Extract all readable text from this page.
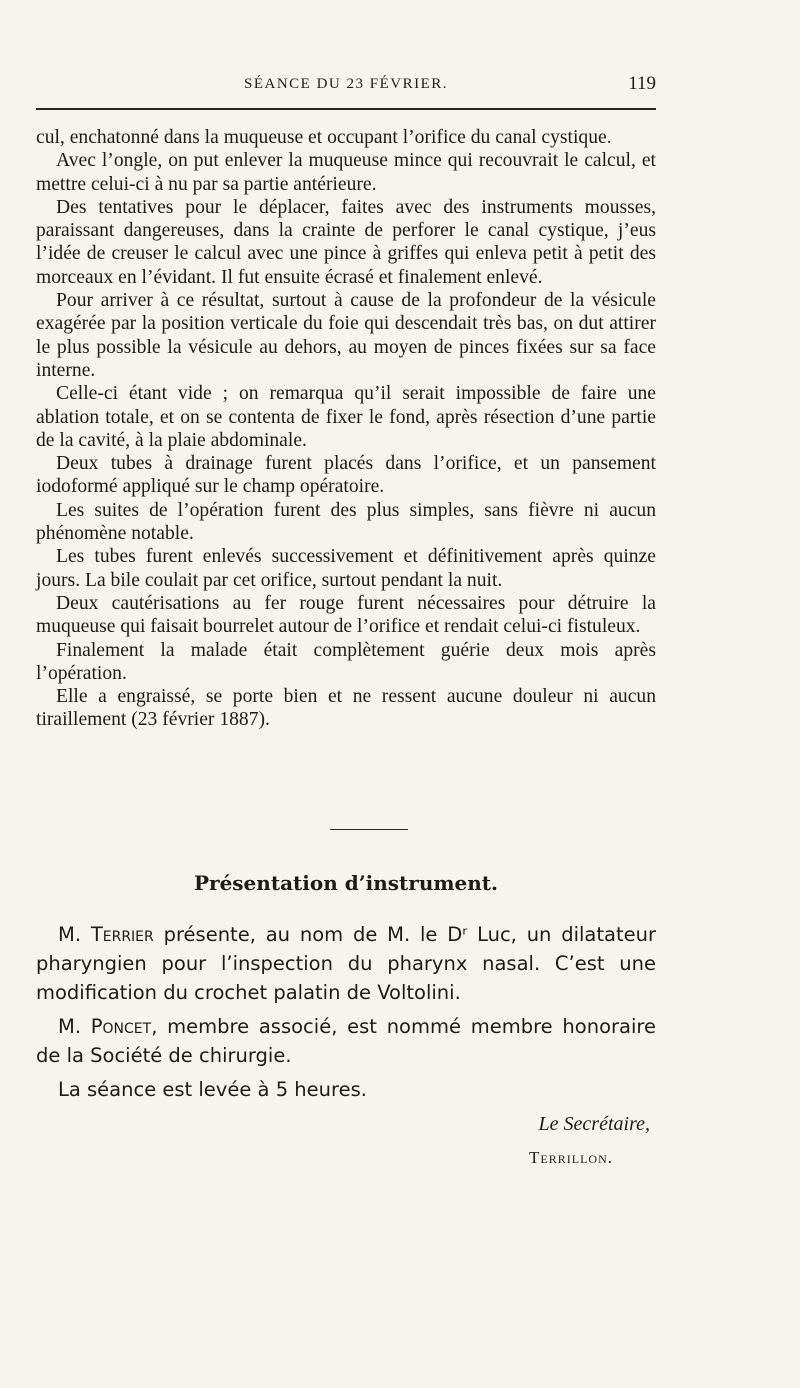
SÉANCE DU 23 FÉVRIER.	119

cul, enchatonné dans la muqueuse et occupant l’orifice du canal cystique.

Avec l’ongle, on put enlever la muqueuse mince qui recouvrait le calcul, et mettre celui-ci à nu par sa partie antérieure.

Des tentatives pour le déplacer, faites avec des instruments mousses, paraissant dangereuses, dans la crainte de perforer le canal cystique, j’eus l’idée de creuser le calcul avec une pince à griffes qui enleva petit à petit des morceaux en l’évidant. Il fut ensuite écrasé et finalement enlevé.

Pour arriver à ce résultat, surtout à cause de la profondeur de la vésicule exagérée par la position verticale du foie qui descendait très bas, on dut attirer le plus possible la vésicule au dehors, au moyen de pinces fixées sur sa face interne.

Celle-ci étant vide ; on remarqua qu’il serait impossible de faire une ablation totale, et on se contenta de fixer le fond, après résection d’une partie de la cavité, à la plaie abdominale.

Deux tubes à drainage furent placés dans l’orifice, et un pansement iodoformé appliqué sur le champ opératoire.

Les suites de l’opération furent des plus simples, sans fièvre ni aucun phénomène notable.

Les tubes furent enlevés successivement et définitivement après quinze jours. La bile coulait par cet orifice, surtout pendant la nuit.

Deux cautérisations au fer rouge furent nécessaires pour détruire la muqueuse qui faisait bourrelet autour de l’orifice et rendait celui-ci fistuleux.

Finalement la malade était complètement guérie deux mois après l’opération.

Elle a engraissé, se porte bien et ne ressent aucune douleur ni aucun tiraillement (23 février 1887).

Présentation d’instrument.

M. Terrier présente, au nom de M. le Dʳ Luc, un dilatateur pharyngien pour l’inspection du pharynx nasal. C’est une modification du crochet palatin de Voltolini.

M. Poncet, membre associé, est nommé membre honoraire de la Société de chirurgie.

La séance est levée à 5 heures.

Le Secrétaire,
Terrillon.
